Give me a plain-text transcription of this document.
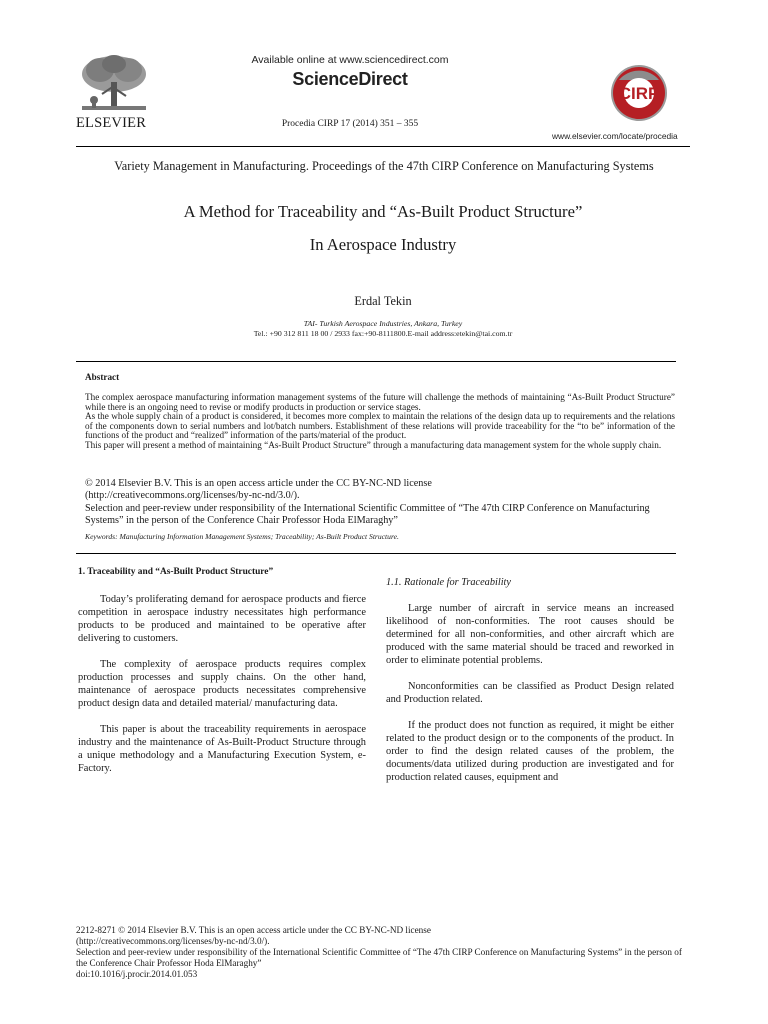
ELSEVIER
Available online at www.sciencedirect.com
ScienceDirect
Procedia CIRP 17 (2014) 351 – 355
CIRP
www.elsevier.com/locate/procedia
Variety Management in Manufacturing. Proceedings of the 47th CIRP Conference on Manufacturing Systems
A Method for Traceability and “As-Built Product Structure”
In Aerospace Industry
Erdal Tekin
TAI- Turkish Aerospace Industries, Ankara, Turkey
Tel.: +90 312 811 18 00 / 2933 fax:+90-8111800.E-mail address:etekin@tai.com.tr
Abstract

The complex aerospace manufacturing information management systems of the future will challenge the methods of maintaining “As-Built Product Structure” while there is an ongoing need to revise or modify products in production or service stages.

As the whole supply chain of a product is considered, it becomes more complex to maintain the relations of the design data up to requirements and the relations of the components down to serial numbers and lot/batch numbers. Establishment of these relations will provide traceability for the “to be” information of the functions of the product and “realized” information of the parts/material of the product.

This paper will present a method of maintaining “As-Built Product Structure” through a manufacturing data management system for the whole supply chain.

© 2014 Elsevier B.V. This is an open access article under the CC BY-NC-ND license

(http://creativecommons.org/licenses/by-nc-nd/3.0/).

Selection and peer-review under responsibility of the International Scientific Committee of “The 47th CIRP Conference on Manufacturing Systems” in the person of the Conference Chair Professor Hoda ElMaraghy”

Keywords: Manufacturing Information Management Systems; Traceability; As-Built Product Structure.
1. Traceability and “As-Built Product Structure”

Today’s proliferating demand for aerospace products and fierce competition in aerospace industry necessitates high performance products to be produced and maintained to be operative after delivering to customers.

The complexity of aerospace products requires complex production processes and supply chains. On the other hand, maintenance of aerospace products necessitates comprehensive product design data and detailed material/ manufacturing data.

This paper is about the traceability requirements in aerospace industry and the maintenance of As-Built-Product Structure through a unique methodology and a Manufacturing Execution System, e-Factory.

1.1. Rationale for Traceability

Large number of aircraft in service means an increased likelihood of non-conformities. The root causes should be determined for all non-conformities, and other aircraft which are produced with the same material should be traced and reworked in order to eliminate potential problems.

Nonconformities can be classified as Product Design related and Production related.

If the product does not function as required, it might be either related to the product design or to the components of the product. In order to find the design related causes of the problem, the documents/data utilized during production are investigated and for production related causes, equipment and

2212-8271 © 2014 Elsevier B.V. This is an open access article under the CC BY-NC-ND license

(http://creativecommons.org/licenses/by-nc-nd/3.0/).

Selection and peer-review under responsibility of the International Scientific Committee of “The 47th CIRP Conference on Manufacturing Systems” in the person of the Conference Chair Professor Hoda ElMaraghy”

doi:10.1016/j.procir.2014.01.053
